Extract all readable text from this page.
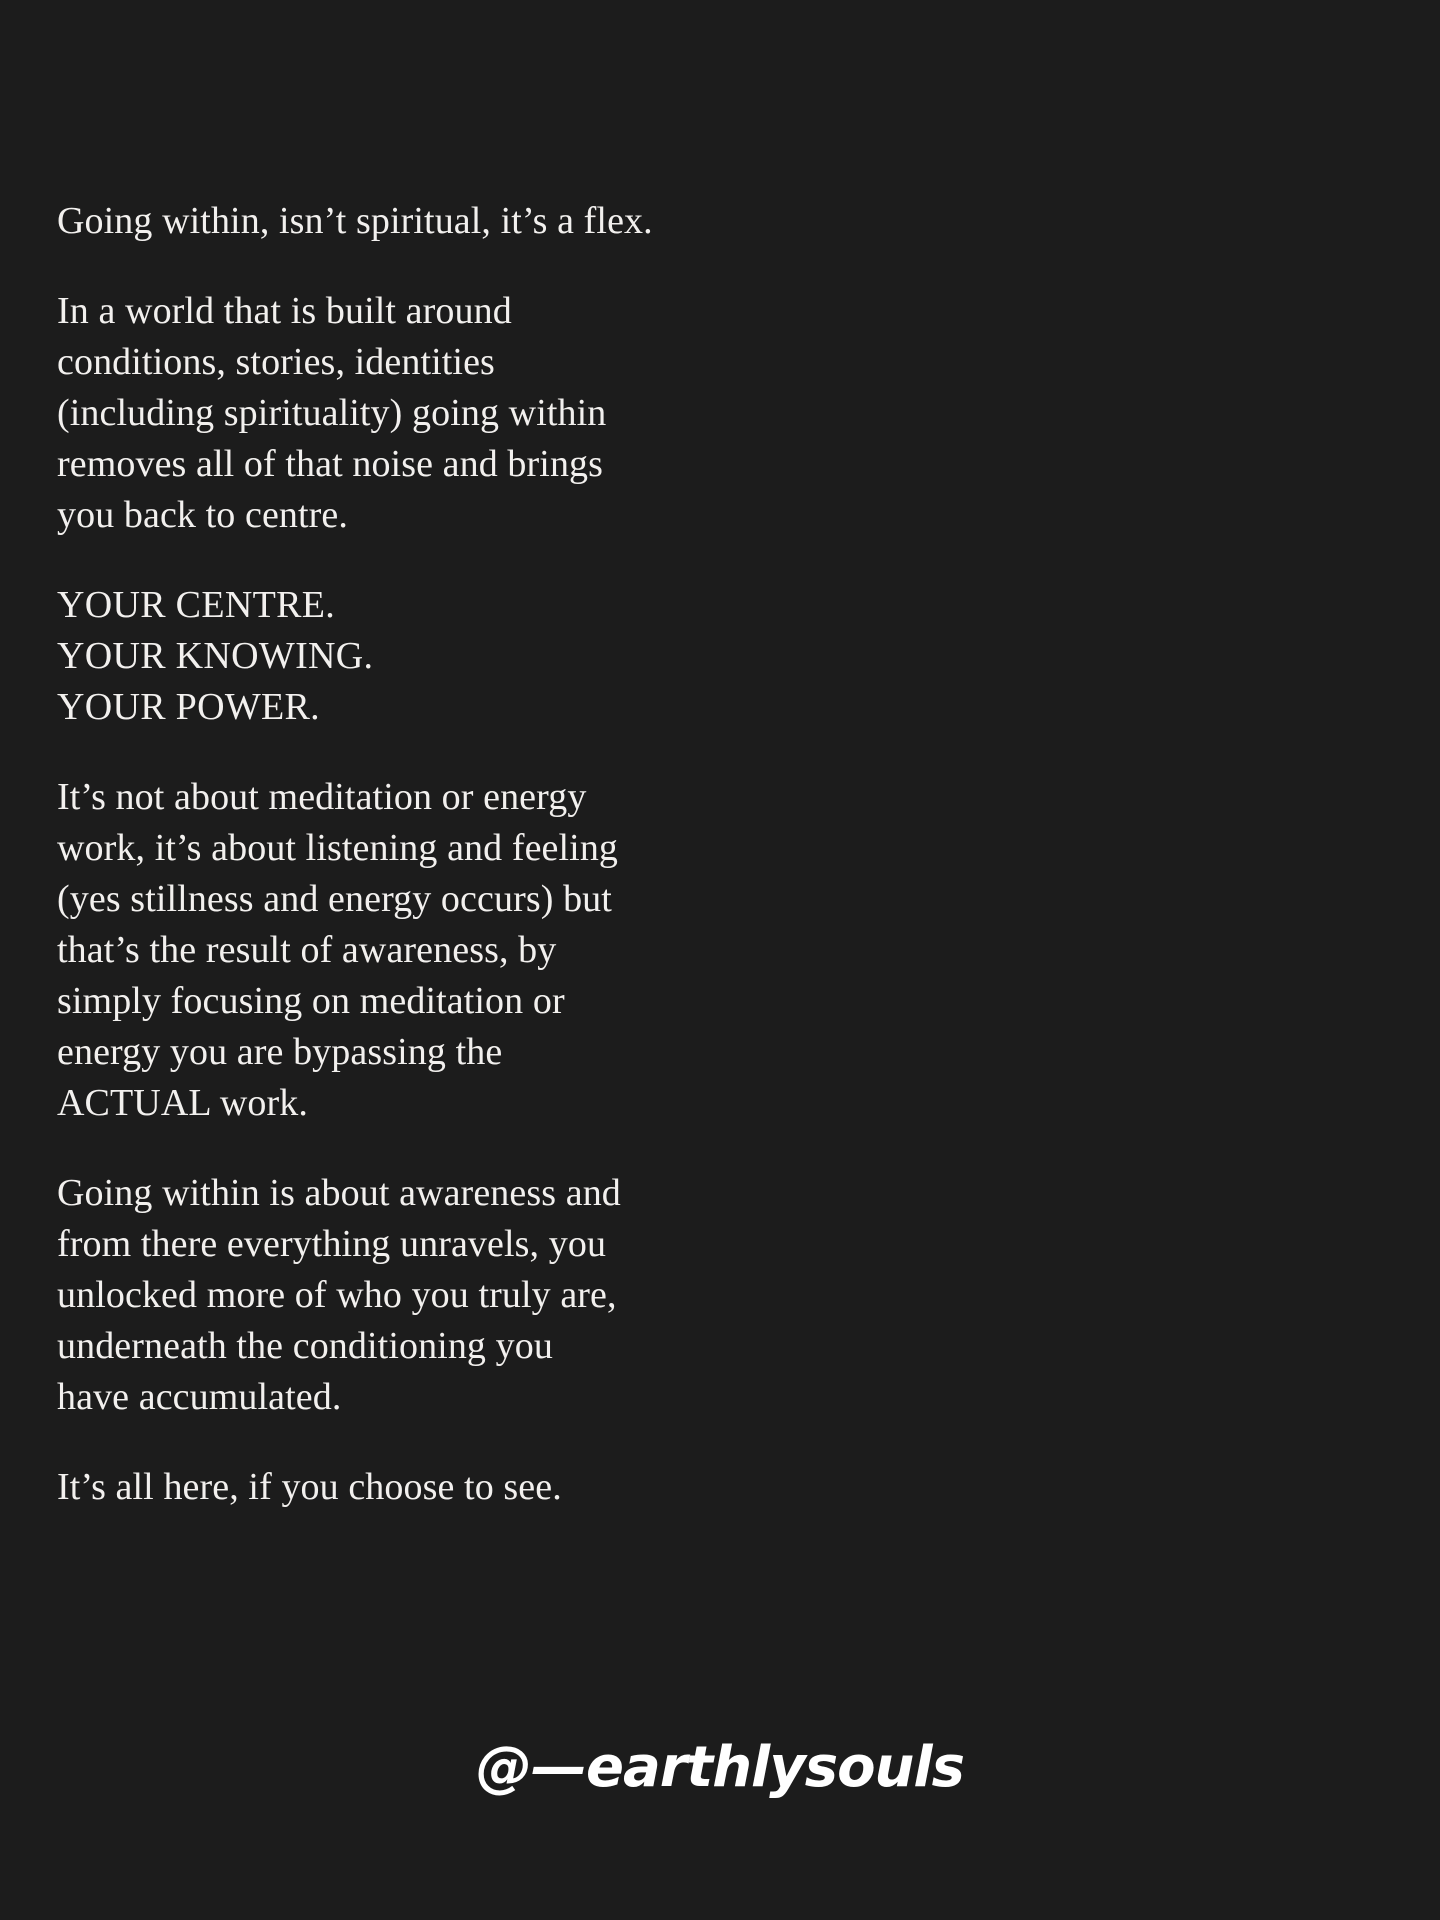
Going within, isn’t spiritual, it’s a flex.

In a world that is built around
conditions, stories, identities
(including spirituality) going within
removes all of that noise and brings
you back to centre.

YOUR CENTRE.
YOUR KNOWING.
YOUR POWER.

It’s not about meditation or energy
work, it’s about listening and feeling
(yes stillness and energy occurs) but
that’s the result of awareness, by
simply focusing on meditation or
energy you are bypassing the
ACTUAL work.

Going within is about awareness and
from there everything unravels, you
unlocked more of who you truly are,
underneath the conditioning you
have accumulated.

It’s all here, if you choose to see.

@—earthlysouls
